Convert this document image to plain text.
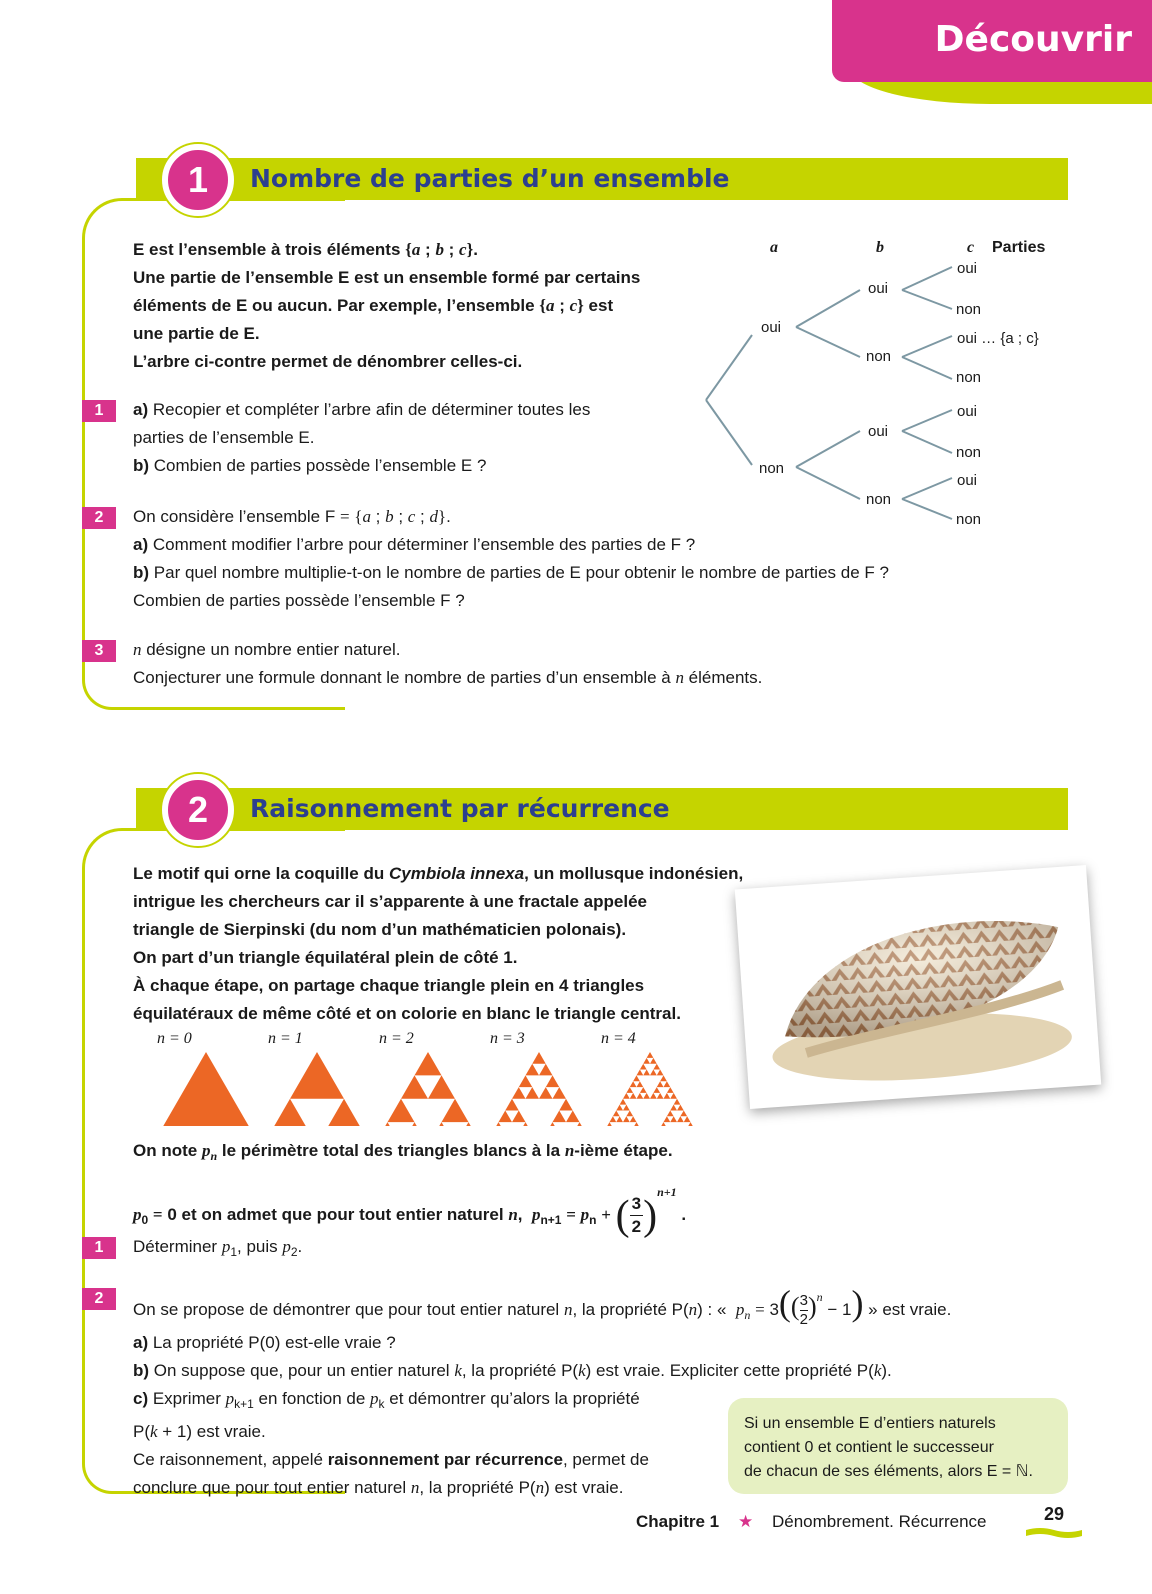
Découvrir
1	Nombre de parties d’un ensemble
E est l’ensemble à trois éléments {a ; b ; c}.
Une partie de l’ensemble E est un ensemble formé par certains
éléments de E ou aucun. Par exemple, l’ensemble {a ; c} est
une partie de E.
L’arbre ci-contre permet de dénombrer celles-ci.
a	b	c Parties
oui
non
oui
non
oui
non
oui
non
oui … {a ; c}
non
oui
non
oui
non
1	a) Recopier et compléter l’arbre afin de déterminer toutes les
parties de l’ensemble E.
b) Combien de parties possède l’ensemble E ?
2	On considère l’ensemble F = {a ; b ; c ; d}.
a) Comment modifier l’arbre pour déterminer l’ensemble des parties de F ?
b) Par quel nombre multiplie-t-on le nombre de parties de E pour obtenir le nombre de parties de F ?
Combien de parties possède l’ensemble F ?
3	n désigne un nombre entier naturel.
Conjecturer une formule donnant le nombre de parties d’un ensemble à n éléments.
2	Raisonnement par récurrence
Le motif qui orne la coquille du Cymbiola innexa, un mollusque indonésien,
intrigue les chercheurs car il s’apparente à une fractale appelée
triangle de Sierpinski (du nom d’un mathématicien polonais).
On part d’un triangle équilatéral plein de côté 1.
À chaque étape, on partage chaque triangle plein en 4 triangles
équilatéraux de même côté et on colorie en blanc le triangle central.
n = 0	n = 1	n = 2	n = 3	n = 4
On note $p_n$ le périmètre total des triangles blancs à la n-ième étape.
$p_0 = 0$ et on admet que pour tout entier naturel n,  $p_{n+1} = p_n$ + ( $\frac{3}{2} )^{n+1}$ .
1	Déterminer $p_1$, puis $p_2$.
2
On se propose de démontrer que pour tout entier naturel n, la propriété P(n) : «  $p_n = 3(( \frac{3}{2} )^n - 1)$ » est vraie.
a) La propriété P(0) est-elle vraie ?
b) On suppose que, pour un entier naturel k, la propriété P(k) est vraie. Expliciter cette propriété P(k).
c) Exprimer $p_{k+1}$ en fonction de $p_k$ et démontrer qu’alors la propriété
P(k + 1) est vraie.
Ce raisonnement, appelé raisonnement par récurrence, permet de
conclure que pour tout entier naturel n, la propriété P(n) est vraie.
Si un ensemble E d’entiers naturels
contient 0 et contient le successeur
de chacun de ses éléments, alors E = ℕ.
Chapitre 1 ★ Dénombrement. Récurrence	29
